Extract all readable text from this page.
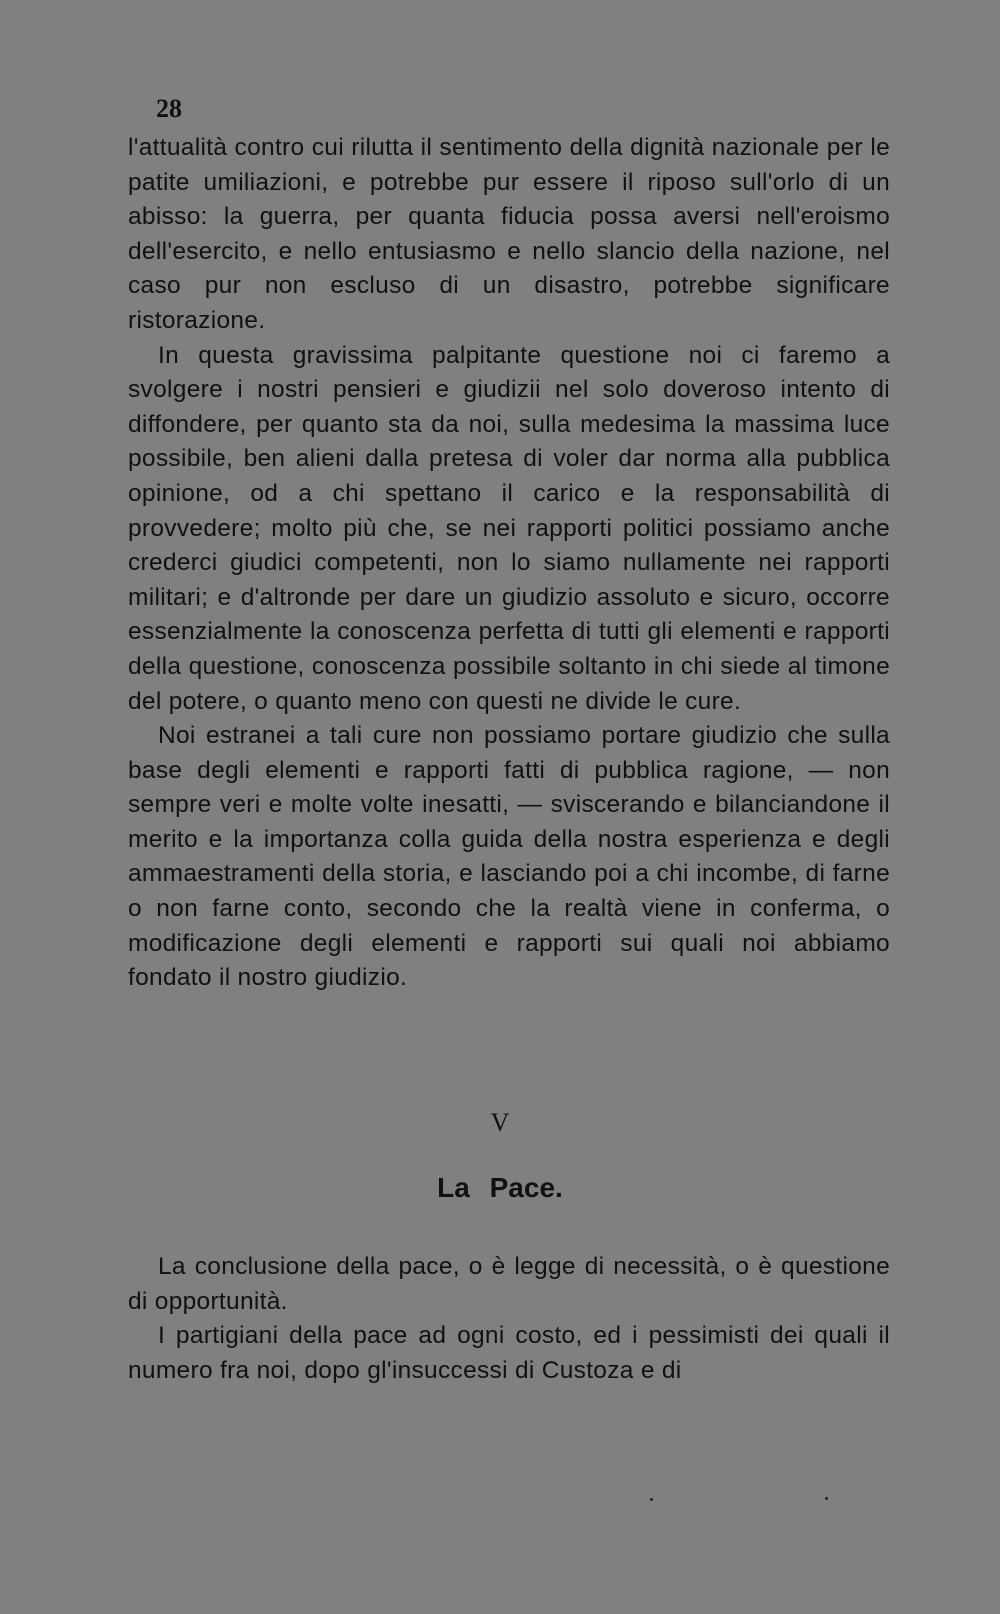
28

l'attualità contro cui rilutta il sentimento della dignità nazionale per le patite umiliazioni, e potrebbe pur essere il riposo sull'orlo di un abisso: la guerra, per quanta fiducia possa aversi nell'eroismo dell'esercito, e nello entusiasmo e nello slancio della nazione, nel caso pur non escluso di un disastro, potrebbe significare ristorazione.

In questa gravissima palpitante questione noi ci faremo a svolgere i nostri pensieri e giudizii nel solo doveroso intento di diffondere, per quanto sta da noi, sulla medesima la massima luce possibile, ben alieni dalla pretesa di voler dar norma alla pubblica opinione, od a chi spettano il carico e la responsabilità di provvedere; molto più che, se nei rapporti politici possiamo anche crederci giudici competenti, non lo siamo nullamente nei rapporti militari; e d'altronde per dare un giudizio assoluto e sicuro, occorre essenzialmente la conoscenza perfetta di tutti gli elementi e rapporti della questione, conoscenza possibile soltanto in chi siede al timone del potere, o quanto meno con questi ne divide le cure.

Noi estranei a tali cure non possiamo portare giudizio che sulla base degli elementi e rapporti fatti di pubblica ragione, — non sempre veri e molte volte inesatti, — sviscerando e bilanciandone il merito e la importanza colla guida della nostra esperienza e degli ammaestramenti della storia, e lasciando poi a chi incombe, di farne o non farne conto, secondo che la realtà viene in conferma, o modificazione degli elementi e rapporti sui quali noi abbiamo fondato il nostro giudizio.

V
La Pace.

La conclusione della pace, o è legge di necessità, o è questione di opportunità.

I partigiani della pace ad ogni costo, ed i pessimisti dei quali il numero fra noi, dopo gl'insuccessi di Custoza e di
